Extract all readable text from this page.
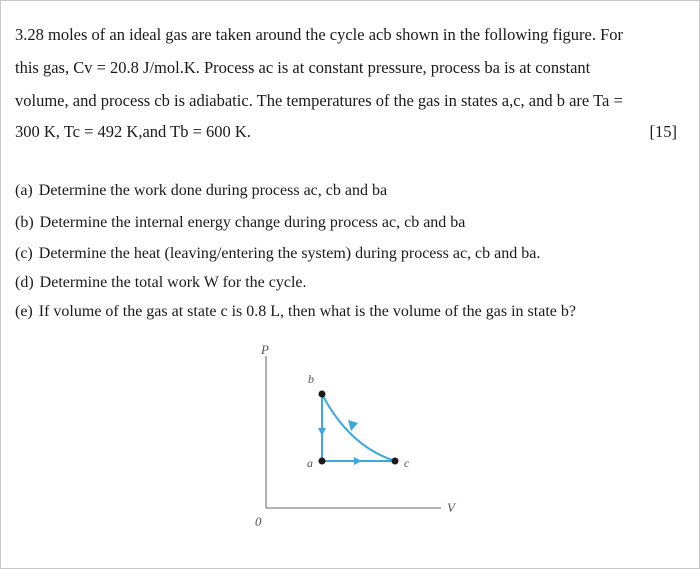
3.28 moles of an ideal gas are taken around the cycle acb shown in the following figure. For
this gas, Cv = 20.8 J/mol.K. Process ac is at constant pressure, process ba is at constant
volume, and process cb is adiabatic. The temperatures of the gas in states a,c, and b are Ta =
300 K, Tc = 492 K,and Tb = 600 K.	[15]
(a) Determine the work done during process ac, cb and ba
(b) Determine the internal energy change during process ac, cb and ba
(c) Determine the heat (leaving/entering the system) during process ac, cb and ba.
(d) Determine the total work W for the cycle.
(e) If volume of the gas at state c is 0.8 L, then what is the volume of the gas in state b?
P
V
0
b
a	c
